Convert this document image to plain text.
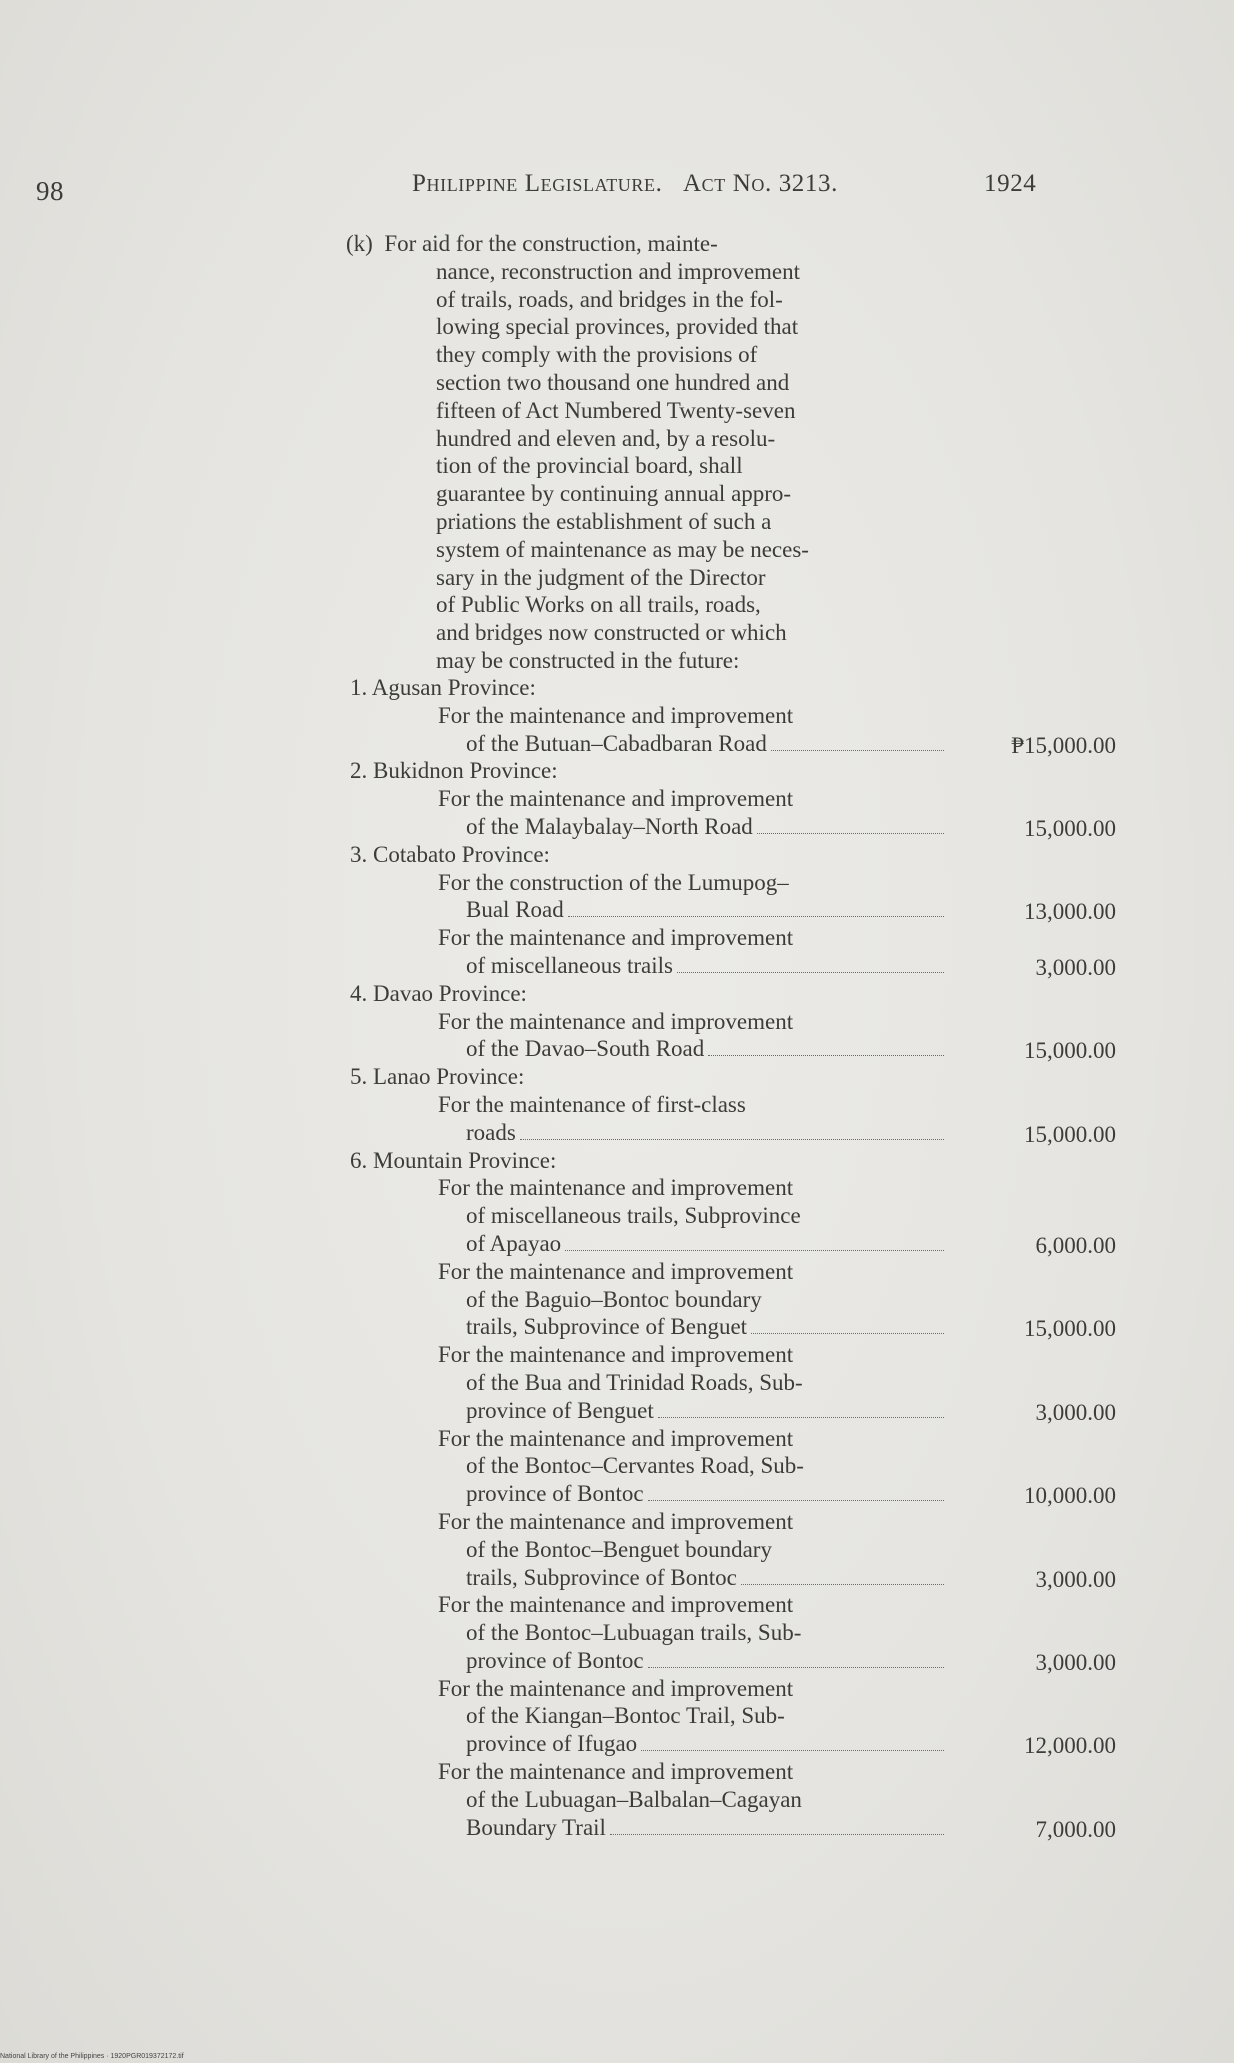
98	Philippine Legislature. Act No. 3213.	1924
(k) For aid for the construction, mainte-
nance, reconstruction and improvement
of trails, roads, and bridges in the fol-
lowing special provinces, provided that
they comply with the provisions of
section two thousand one hundred and
fifteen of Act Numbered Twenty-seven
hundred and eleven and, by a resolu-
tion of the provincial board, shall
guarantee by continuing annual appro-
priations the establishment of such a
system of maintenance as may be neces-
sary in the judgment of the Director
of Public Works on all trails, roads,
and bridges now constructed or which
may be constructed in the future:
1. Agusan Province:
For the maintenance and improvement
of the Butuan–Cabadbaran Road	₱15,000.00
2. Bukidnon Province:
For the maintenance and improvement
of the Malaybalay–North Road	15,000.00
3. Cotabato Province:
For the construction of the Lumupog–
Bual Road	13,000.00
For the maintenance and improvement
of miscellaneous trails	3,000.00
4. Davao Province:
For the maintenance and improvement
of the Davao–South Road	15,000.00
5. Lanao Province:
For the maintenance of first-class
roads	15,000.00
6. Mountain Province:
For the maintenance and improvement
of miscellaneous trails, Subprovince
of Apayao	6,000.00
For the maintenance and improvement
of the Baguio–Bontoc boundary
trails, Subprovince of Benguet	15,000.00
For the maintenance and improvement
of the Bua and Trinidad Roads, Sub-
province of Benguet	3,000.00
For the maintenance and improvement
of the Bontoc–Cervantes Road, Sub-
province of Bontoc	10,000.00
For the maintenance and improvement
of the Bontoc–Benguet boundary
trails, Subprovince of Bontoc	3,000.00
For the maintenance and improvement
of the Bontoc–Lubuagan trails, Sub-
province of Bontoc	3,000.00
For the maintenance and improvement
of the Kiangan–Bontoc Trail, Sub-
province of Ifugao	12,000.00
For the maintenance and improvement
of the Lubuagan–Balbalan–Cagayan
Boundary Trail	7,000.00
National Library of the Philippines · 1920PGR019372172.tif
